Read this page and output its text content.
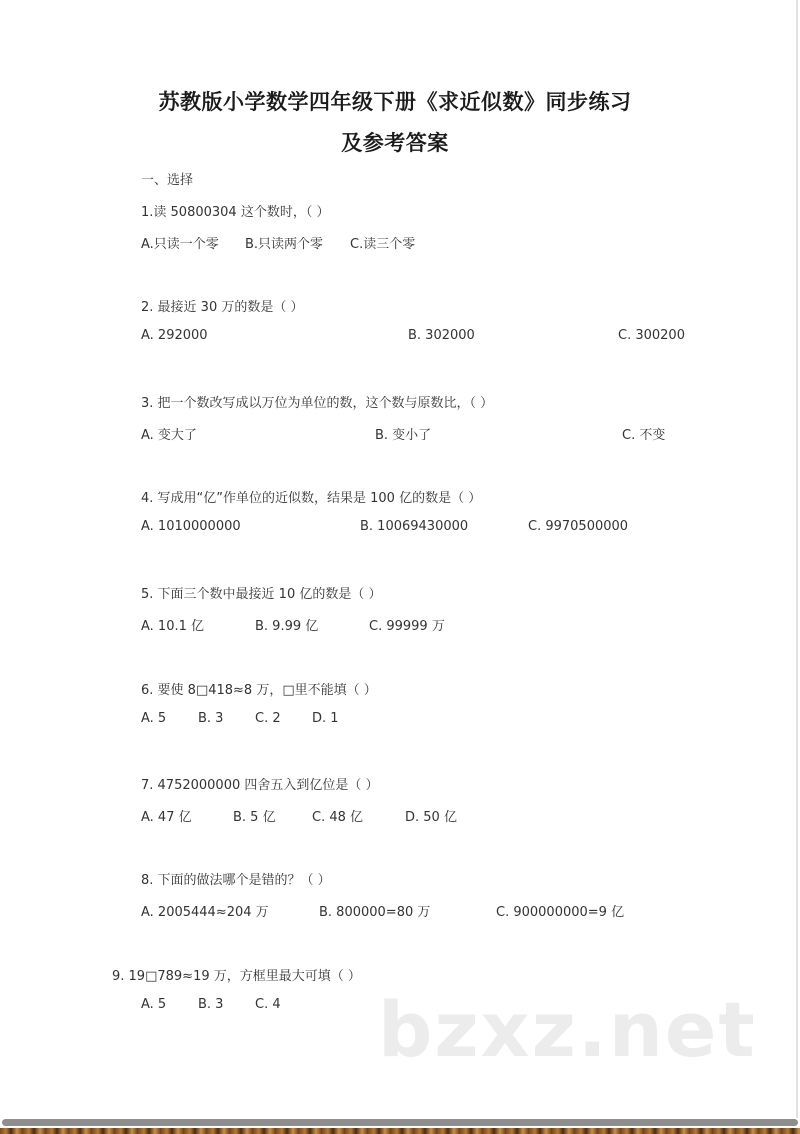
苏教版小学数学四年级下册《求近似数》同步练习
及参考答案
一、选择
1.读 50800304 这个数时，（ ）
A.只读一个零 B.只读两个零 C.读三个零
2. 最接近 30 万的数是（ ）
A. 292000	B. 302000	C. 300200
3. 把一个数改写成以万位为单位的数，这个数与原数比，（ ）
A. 变大了	B. 变小了	C. 不变
4. 写成用“亿”作单位的近似数，结果是 100 亿的数是（ ）
A. 1010000000	B. 10069430000	C. 9970500000
5. 下面三个数中最接近 10 亿的数是（ ）
A. 10.1 亿	B. 9.99 亿	C. 99999 万
6. 要使 8□418≈8 万，□里不能填（ ）
A. 5 B. 3 C. 2 D. 1
7. 4752000000 四舍五入到亿位是（ ）
A. 47 亿	B. 5 亿	C. 48 亿	D. 50 亿
8. 下面的做法哪个是错的？（ ）
A. 2005444≈204 万	B. 800000=80 万	C. 900000000=9 亿
9. 19□789≈19 万，方框里最大可填（ ）
A. 5 B. 3 C. 4 bzxz.net
